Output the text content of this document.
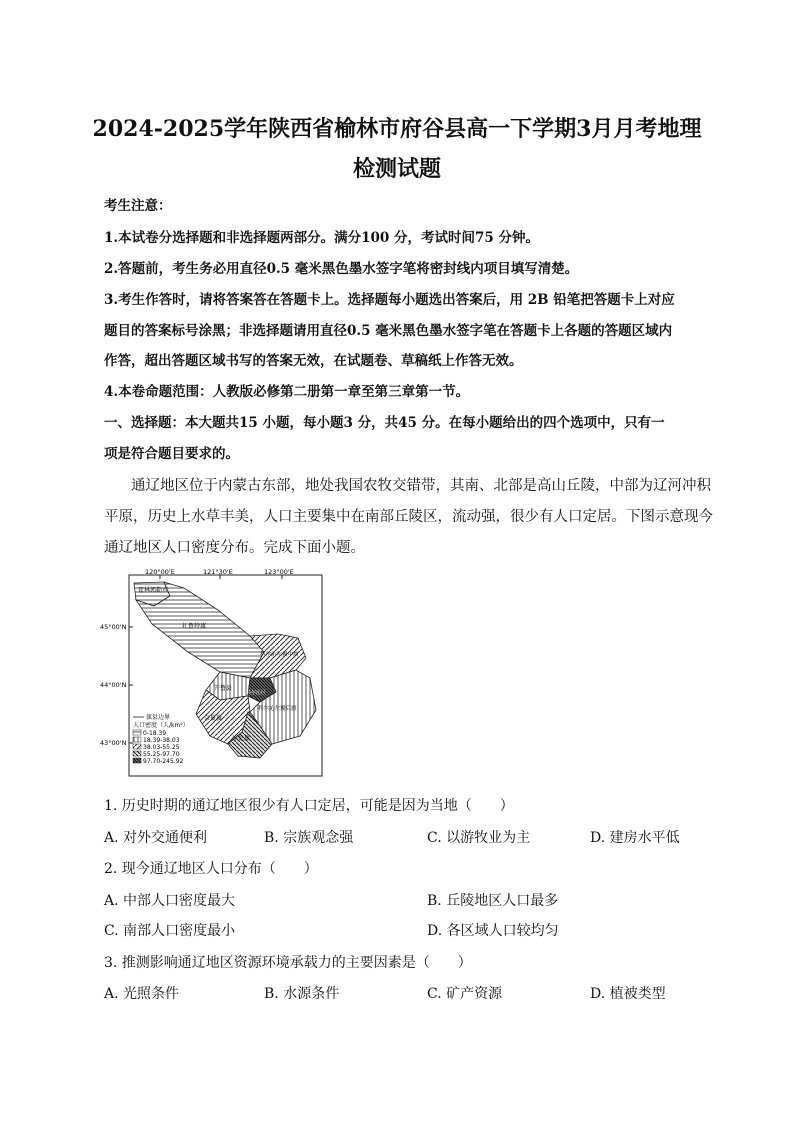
2024-2025学年陕西省榆林市府谷县高一下学期3月月考地理
检测试题
考生注意：
1.本试卷分选择题和非选择题两部分。满分100 分，考试时间75 分钟。
2.答题前，考生务必用直径0.5 毫米黑色墨水签字笔将密封线内项目填写清楚。
3.考生作答时，请将答案答在答题卡上。选择题每小题选出答案后，用 2B 铅笔把答题卡上对应
题目的答案标号涂黑；非选择题请用直径0.5 毫米黑色墨水签字笔在答题卡上各题的答题区域内
作答，超出答题区域书写的答案无效，在试题卷、草稿纸上作答无效。
4.本卷命题范围：人教版必修第二册第一章至第三章第一节。
一、选择题：本大题共15 小题，每小题3 分，共45 分。在每小题给出的四个选项中，只有一
项是符合题目要求的。
通辽地区位于内蒙古东部，地处我国农牧交错带，其南、北部是高山丘陵，中部为辽河冲积
平原，历史上水草丰美，人口主要集中在南部丘陵区，流动强，很少有人口定居。下图示意现今
通辽地区人口密度分布。完成下面小题。
120°00'E	121°30'E	123°00'E
45°00'N
44°00'N
43°00'N
霍林郭勒市
扎鲁特旗
科尔沁左翼中旗
开鲁县
科尔沁区
科尔沁左翼后旗
奈曼旗
库伦旗
旗县边界
人口密度（人/km²）
0-18.39
18.39-38.03
38.03-55.25
55.25-97.70
97.70-245.92
1. 历史时期的通辽地区很少有人口定居，可能是因为当地（　　）
A. 对外交通便利	B. 宗族观念强	C. 以游牧业为主	D. 建房水平低
2. 现今通辽地区人口分布（　　）
A. 中部人口密度最大	B. 丘陵地区人口最多
C. 南部人口密度最小	D. 各区域人口较均匀
3. 推测影响通辽地区资源环境承载力的主要因素是（　　）
A. 光照条件	B. 水源条件	C. 矿产资源	D. 植被类型
